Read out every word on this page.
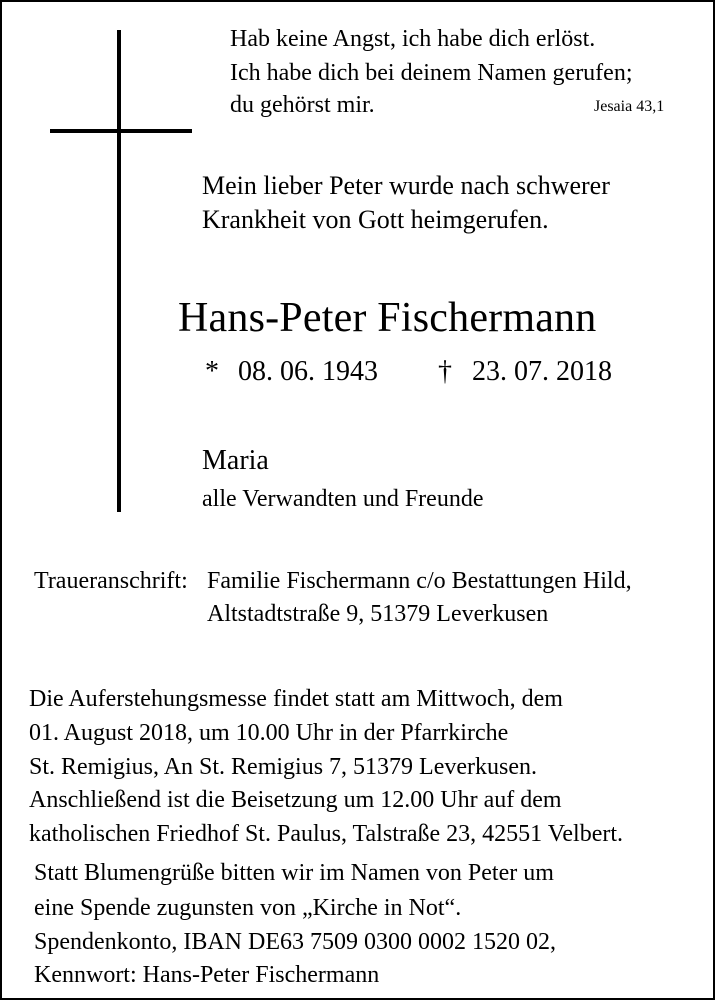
Hab keine Angst, ich habe dich erlöst.
Ich habe dich bei deinem Namen gerufen;
du gehörst mir.	Jesaia 43,1
Mein lieber Peter wurde nach schwerer
Krankheit von Gott heimgerufen.
Hans-Peter Fischermann
* 08. 06. 1943 † 23. 07. 2018
Maria
alle Verwandten und Freunde
Traueranschrift: Familie Fischermann c/o Bestattungen Hild,
Altstadtstraße 9, 51379 Leverkusen
Die Auferstehungsmesse findet statt am Mittwoch, dem
01. August 2018, um 10.00 Uhr in der Pfarrkirche
St. Remigius, An St. Remigius 7, 51379 Leverkusen.
Anschließend ist die Beisetzung um 12.00 Uhr auf dem
katholischen Friedhof St. Paulus, Talstraße 23, 42551 Velbert.
Statt Blumengrüße bitten wir im Namen von Peter um
eine Spende zugunsten von „Kirche in Not“.
Spendenkonto, IBAN DE63 7509 0300 0002 1520 02,
Kennwort: Hans-Peter Fischermann
